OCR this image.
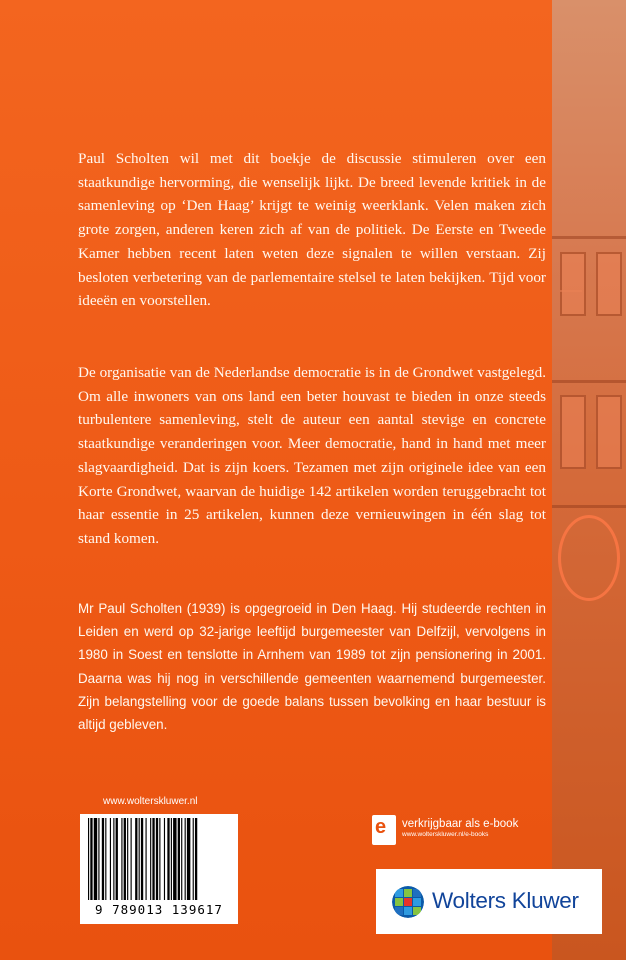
Paul Scholten wil met dit boekje de discussie stimuleren over een staatkundige hervorming, die wenselijk lijkt. De breed levende kritiek in de samenleving op ‘Den Haag’ krijgt te weinig weerklank. Velen maken zich grote zorgen, anderen keren zich af van de politiek. De Eerste en Tweede Kamer hebben recent laten weten deze signalen te willen verstaan. Zij besloten verbetering van de parlementaire stelsel te laten bekijken. Tijd voor ideeën en voorstellen.

De organisatie van de Nederlandse democratie is in de Grondwet vastgelegd. Om alle inwoners van ons land een beter houvast te bieden in onze steeds turbulentere samenleving, stelt de auteur een aantal stevige en concrete staatkundige veranderingen voor. Meer democratie, hand in hand met meer slagvaardigheid. Dat is zijn koers. Tezamen met zijn originele idee van een Korte Grondwet, waarvan de huidige 142 artikelen worden teruggebracht tot haar essentie in 25 artikelen, kunnen deze vernieuwingen in één slag tot stand komen.

Mr Paul Scholten (1939) is opgegroeid in Den Haag. Hij studeerde rechten in Leiden en werd op 32-jarige leeftijd burgemeester van Delfzijl, vervolgens in 1980 in Soest en tenslotte in Arnhem van 1989 tot zijn pensionering in 2001. Daarna was hij nog in verschillende gemeenten waarnemend burgemeester. Zijn belangstelling voor de goede balans tussen bevolking en haar bestuur is altijd gebleven.

www.wolterskluwer.nl
9 789013 139617
e verkrijgbaar als e-book
www.wolterskluwer.nl/e-books
Wolters Kluwer
